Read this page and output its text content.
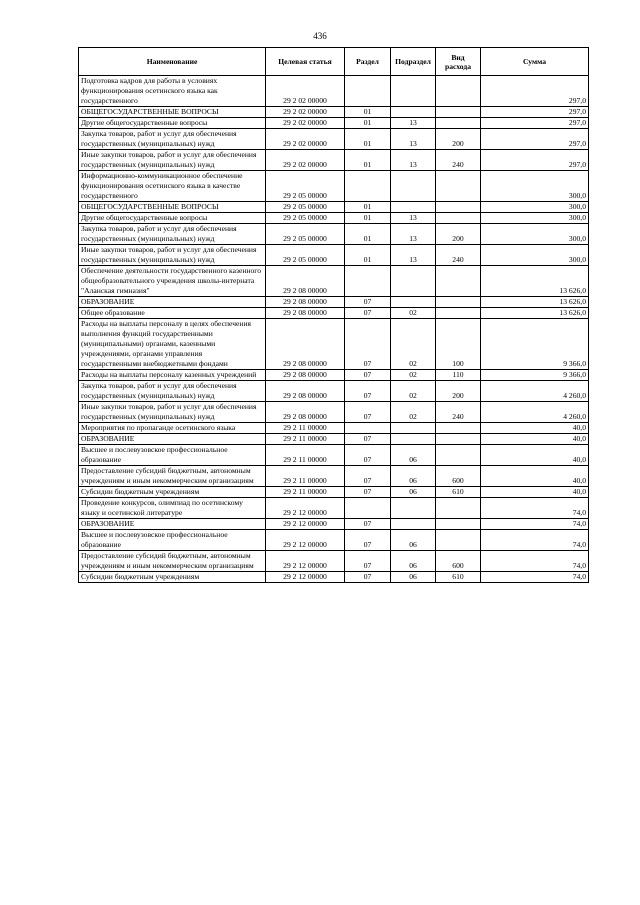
436
Наименование	Целевая статья	Раздел	Подраздел	Вид расхода	Сумма
Подготовка кадров для работы в условиях функционирования осетинского языка как государственного	29 2 02 00000				297,0
ОБЩЕГОСУДАРСТВЕННЫЕ ВОПРОСЫ	29 2 02 00000	01			297,0
Другие общегосударственные вопросы	29 2 02 00000	01	13		297,0
Закупка товаров, работ и услуг для обеспечения государственных (муниципальных) нужд	29 2 02 00000	01	13	200	297,0
Иные закупки товаров, работ и услуг для обеспечения государственных (муниципальных) нужд	29 2 02 00000	01	13	240	297,0
Информационно-коммуникационное обеспечение функционирования осетинского языка в качестве государственного	29 2 05 00000				300,0
ОБЩЕГОСУДАРСТВЕННЫЕ ВОПРОСЫ	29 2 05 00000	01			300,0
Другие общегосударственные вопросы	29 2 05 00000	01	13		300,0
Закупка товаров, работ и услуг для обеспечения государственных (муниципальных) нужд	29 2 05 00000	01	13	200	300,0
Иные закупки товаров, работ и услуг для обеспечения государственных (муниципальных) нужд	29 2 05 00000	01	13	240	300,0
Обеспечение деятельности государственного казенного общеобразовательного учреждения школы-интерната "Аланская гимназия"	29 2 08 00000				13 626,0
ОБРАЗОВАНИЕ	29 2 08 00000	07			13 626,0
Общее образование	29 2 08 00000	07	02		13 626,0
Расходы на выплаты персоналу в целях обеспечения выполнения функций государственными (муниципальными) органами, казенными учреждениями, органами управления государственными внебюджетными фондами	29 2 08 00000	07	02	100	9 366,0
Расходы на выплаты персоналу казенных учреждений	29 2 08 00000	07	02	110	9 366,0
Закупка товаров, работ и услуг для обеспечения государственных (муниципальных) нужд	29 2 08 00000	07	02	200	4 260,0
Иные закупки товаров, работ и услуг для обеспечения государственных (муниципальных) нужд	29 2 08 00000	07	02	240	4 260,0
Мероприятия по пропаганде осетинского языка	29 2 11 00000				40,0
ОБРАЗОВАНИЕ	29 2 11 00000	07			40,0
Высшее и послевузовское профессиональное образование	29 2 11 00000	07	06		40,0
Предоставление субсидий бюджетным, автономным учреждениям и иным некоммерческим организациям	29 2 11 00000	07	06	600	40,0
Субсидии бюджетным учреждениям	29 2 11 00000	07	06	610	40,0
Проведение конкурсов, олимпиад по осетинскому языку и осетинской литературе	29 2 12 00000				74,0
ОБРАЗОВАНИЕ	29 2 12 00000	07			74,0
Высшее и послевузовское профессиональное образование	29 2 12 00000	07	06		74,0
Предоставление субсидий бюджетным, автономным учреждениям и иным некоммерческим организациям	29 2 12 00000	07	06	600	74,0
Субсидии бюджетным учреждениям	29 2 12 00000	07	06	610	74,0
